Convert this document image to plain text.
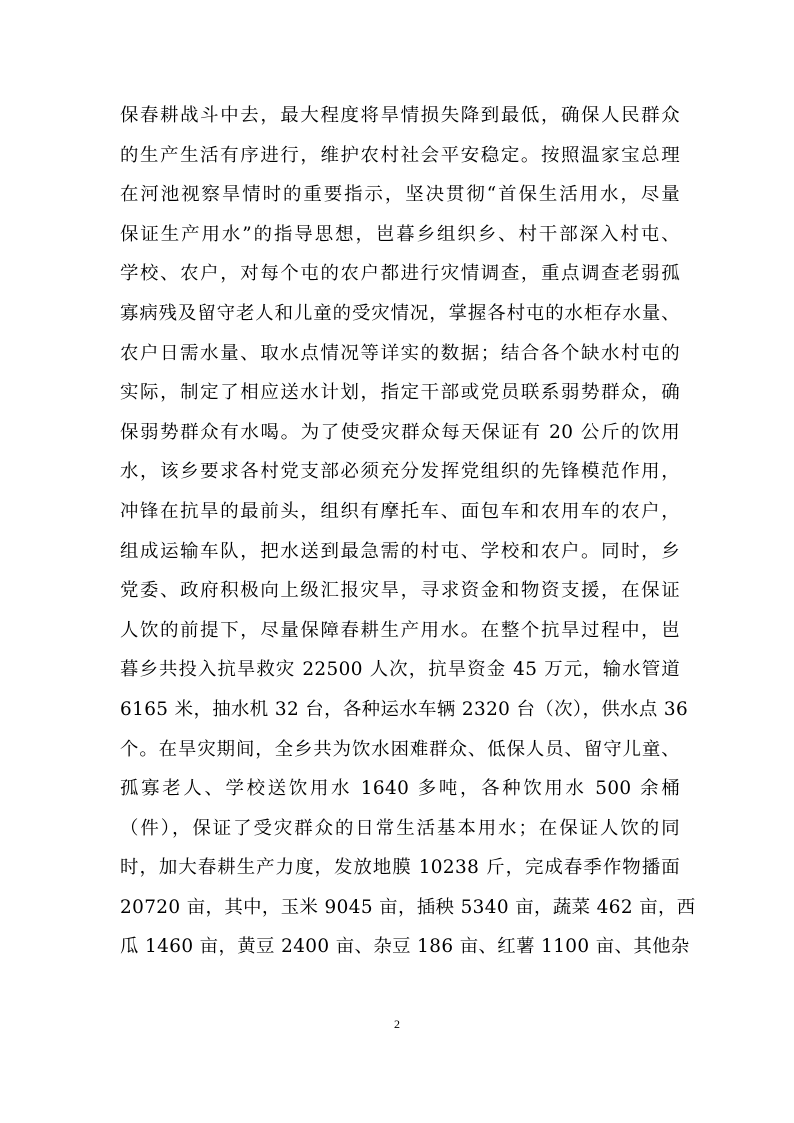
保春耕战斗中去，最大程度将旱情损失降到最低，确保人民群众
的生产生活有序进行，维护农村社会平安稳定。按照温家宝总理
在河池视察旱情时的重要指示，坚决贯彻“首保生活用水，尽量
保证生产用水”的指导思想，岜暮乡组织乡、村干部深入村屯、
学校、农户，对每个屯的农户都进行灾情调查，重点调查老弱孤
寡病残及留守老人和儿童的受灾情况，掌握各村屯的水柜存水量、
农户日需水量、取水点情况等详实的数据；结合各个缺水村屯的
实际，制定了相应送水计划，指定干部或党员联系弱势群众，确
保弱势群众有水喝。为了使受灾群众每天保证有 20 公斤的饮用
水，该乡要求各村党支部必须充分发挥党组织的先锋模范作用，
冲锋在抗旱的最前头，组织有摩托车、面包车和农用车的农户，
组成运输车队，把水送到最急需的村屯、学校和农户。同时，乡
党委、政府积极向上级汇报灾旱，寻求资金和物资支援，在保证
人饮的前提下，尽量保障春耕生产用水。在整个抗旱过程中，岜
暮乡共投入抗旱救灾 22500 人次，抗旱资金 45 万元，输水管道
6165 米，抽水机 32 台，各种运水车辆 2320 台（次），供水点 36
个。在旱灾期间，全乡共为饮水困难群众、低保人员、留守儿童、
孤寡老人、学校送饮用水 1640 多吨，各种饮用水 500 余桶
（件），保证了受灾群众的日常生活基本用水；在保证人饮的同
时，加大春耕生产力度，发放地膜 10238 斤，完成春季作物播面
20720 亩，其中，玉米 9045 亩，插秧 5340 亩，蔬菜 462 亩，西
瓜 1460 亩，黄豆 2400 亩、杂豆 186 亩、红薯 1100 亩、其他杂
2
